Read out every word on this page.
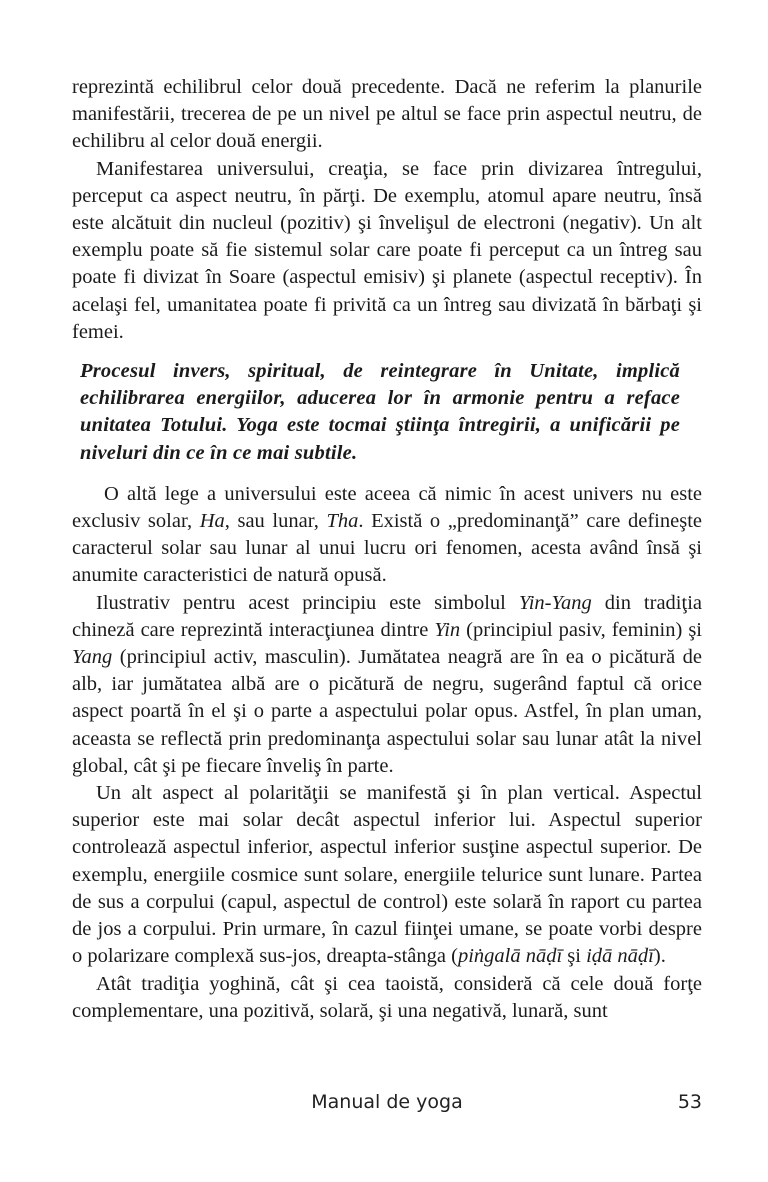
reprezintă echilibrul celor două precedente. Dacă ne referim la planurile manifestării, trecerea de pe un nivel pe altul se face prin aspectul neutru, de echilibru al celor două energii.

Manifestarea universului, creaţia, se face prin divizarea întregului, perceput ca aspect neutru, în părţi. De exemplu, atomul apare neutru, însă este alcătuit din nucleul (pozitiv) şi învelişul de electroni (negativ). Un alt exemplu poate să fie sistemul solar care poate fi perceput ca un întreg sau poate fi divizat în Soare (aspectul emisiv) şi planete (aspectul receptiv). În acelaşi fel, umanitatea poate fi privită ca un întreg sau divizată în bărbaţi şi femei.

Procesul invers, spiritual, de reintegrare în Unitate, implică echilibrarea energiilor, aducerea lor în armonie pentru a reface unitatea Totului. Yoga este tocmai ştiinţa întregirii, a unificării pe niveluri din ce în ce mai subtile.

O altă lege a universului este aceea că nimic în acest univers nu este exclusiv solar, Ha, sau lunar, Tha. Există o „predominanţă” care defineşte caracterul solar sau lunar al unui lucru ori fenomen, acesta având însă şi anumite caracteristici de natură opusă.

Ilustrativ pentru acest principiu este simbolul Yin-Yang din tradiţia chineză care reprezintă interacţiunea dintre Yin (principiul pasiv, feminin) şi Yang (principiul activ, masculin). Jumătatea neagră are în ea o picătură de alb, iar jumătatea albă are o picătură de negru, sugerând faptul că orice aspect poartă în el şi o parte a aspectului polar opus. Astfel, în plan uman, aceasta se reflectă prin predominanţa aspectului solar sau lunar atât la nivel global, cât şi pe fiecare înveliş în parte.

Un alt aspect al polarităţii se manifestă şi în plan vertical. Aspectul superior este mai solar decât aspectul inferior lui. Aspectul superior controlează aspectul inferior, aspectul inferior susţine aspectul superior. De exemplu, energiile cosmice sunt solare, energiile telurice sunt lunare. Partea de sus a corpului (capul, aspectul de control) este solară în raport cu partea de jos a corpului. Prin urmare, în cazul fiinţei umane, se poate vorbi despre o polarizare complexă sus-jos, dreapta-stânga (piṅgalā nāḍī şi iḍā nāḍī).

Atât tradiţia yoghină, cât şi cea taoistă, consideră că cele două forţe complementare, una pozitivă, solară, şi una negativă, lunară, sunt

Manual de yoga	53
